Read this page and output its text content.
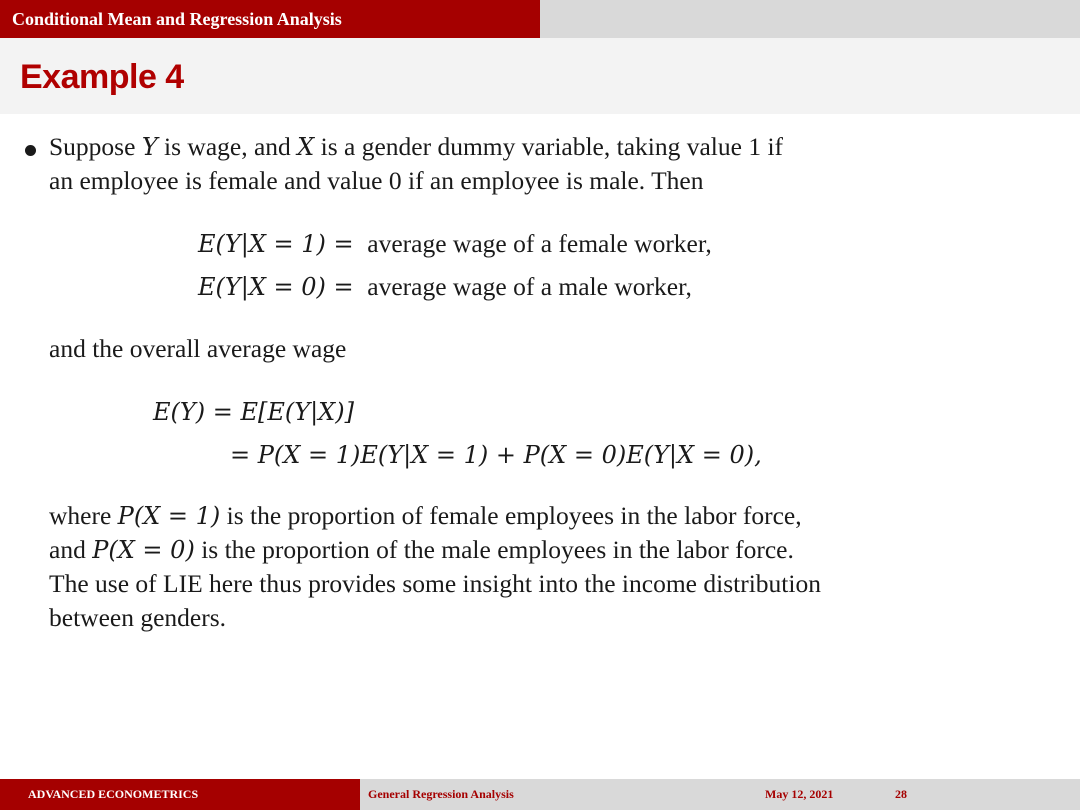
Conditional Mean and Regression Analysis
Example 4

Suppose Y is wage, and X is a gender dummy variable, taking value 1 if

an employee is female and value 0 if an employee is male. Then

E(Y|X = 1) = average wage of a female worker,
E(Y|X = 0) = average wage of a male worker,

and the overall average wage

E(Y) = E[E(Y|X)]
= P(X = 1)E(Y|X = 1) + P(X = 0)E(Y|X = 0),

where P(X = 1) is the proportion of female employees in the labor force,

and P(X = 0) is the proportion of the male employees in the labor force.

The use of LIE here thus provides some insight into the income distribution

between genders.

ADVANCED ECONOMETRICS	General Regression Analysis	May 12, 2021	28
